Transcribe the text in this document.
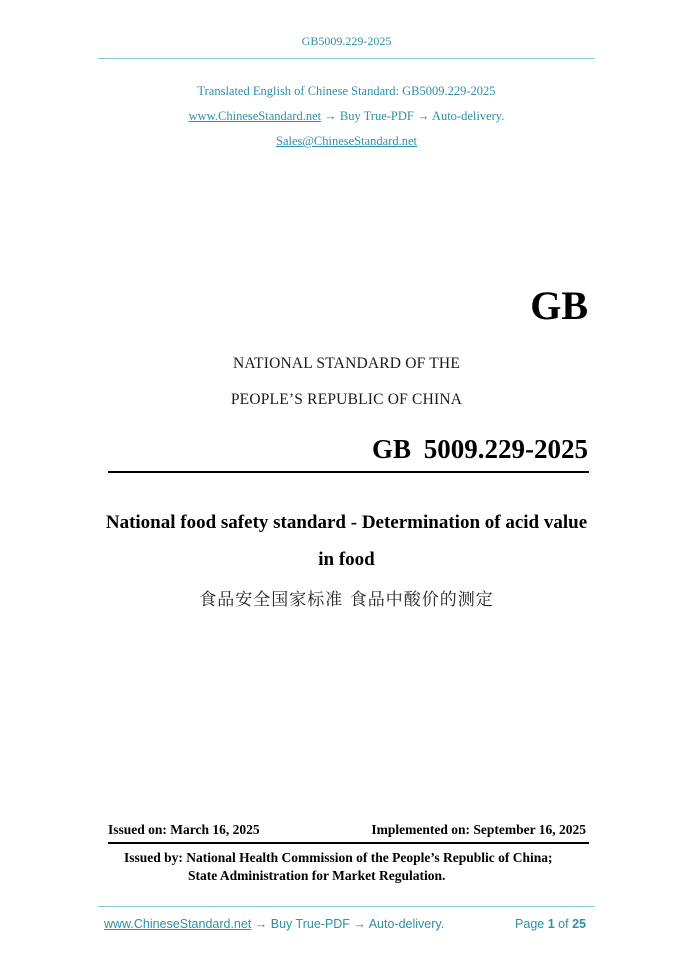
GB5009.229-2025
Translated English of Chinese Standard: GB5009.229-2025
www.ChineseStandard.net → Buy True-PDF → Auto-delivery.
Sales@ChineseStandard.net
GB
NATIONAL STANDARD OF THE
PEOPLE’S REPUBLIC OF CHINA
GB 5009.229-2025
National food safety standard - Determination of acid value
in food
食品安全国家标准 食品中酸价的测定
Issued on: March 16, 2025	Implemented on: September 16, 2025
Issued by: National Health Commission of the People’s Republic of China;
State Administration for Market Regulation.
www.ChineseStandard.net → Buy True-PDF → Auto-delivery.	Page 1 of 25
